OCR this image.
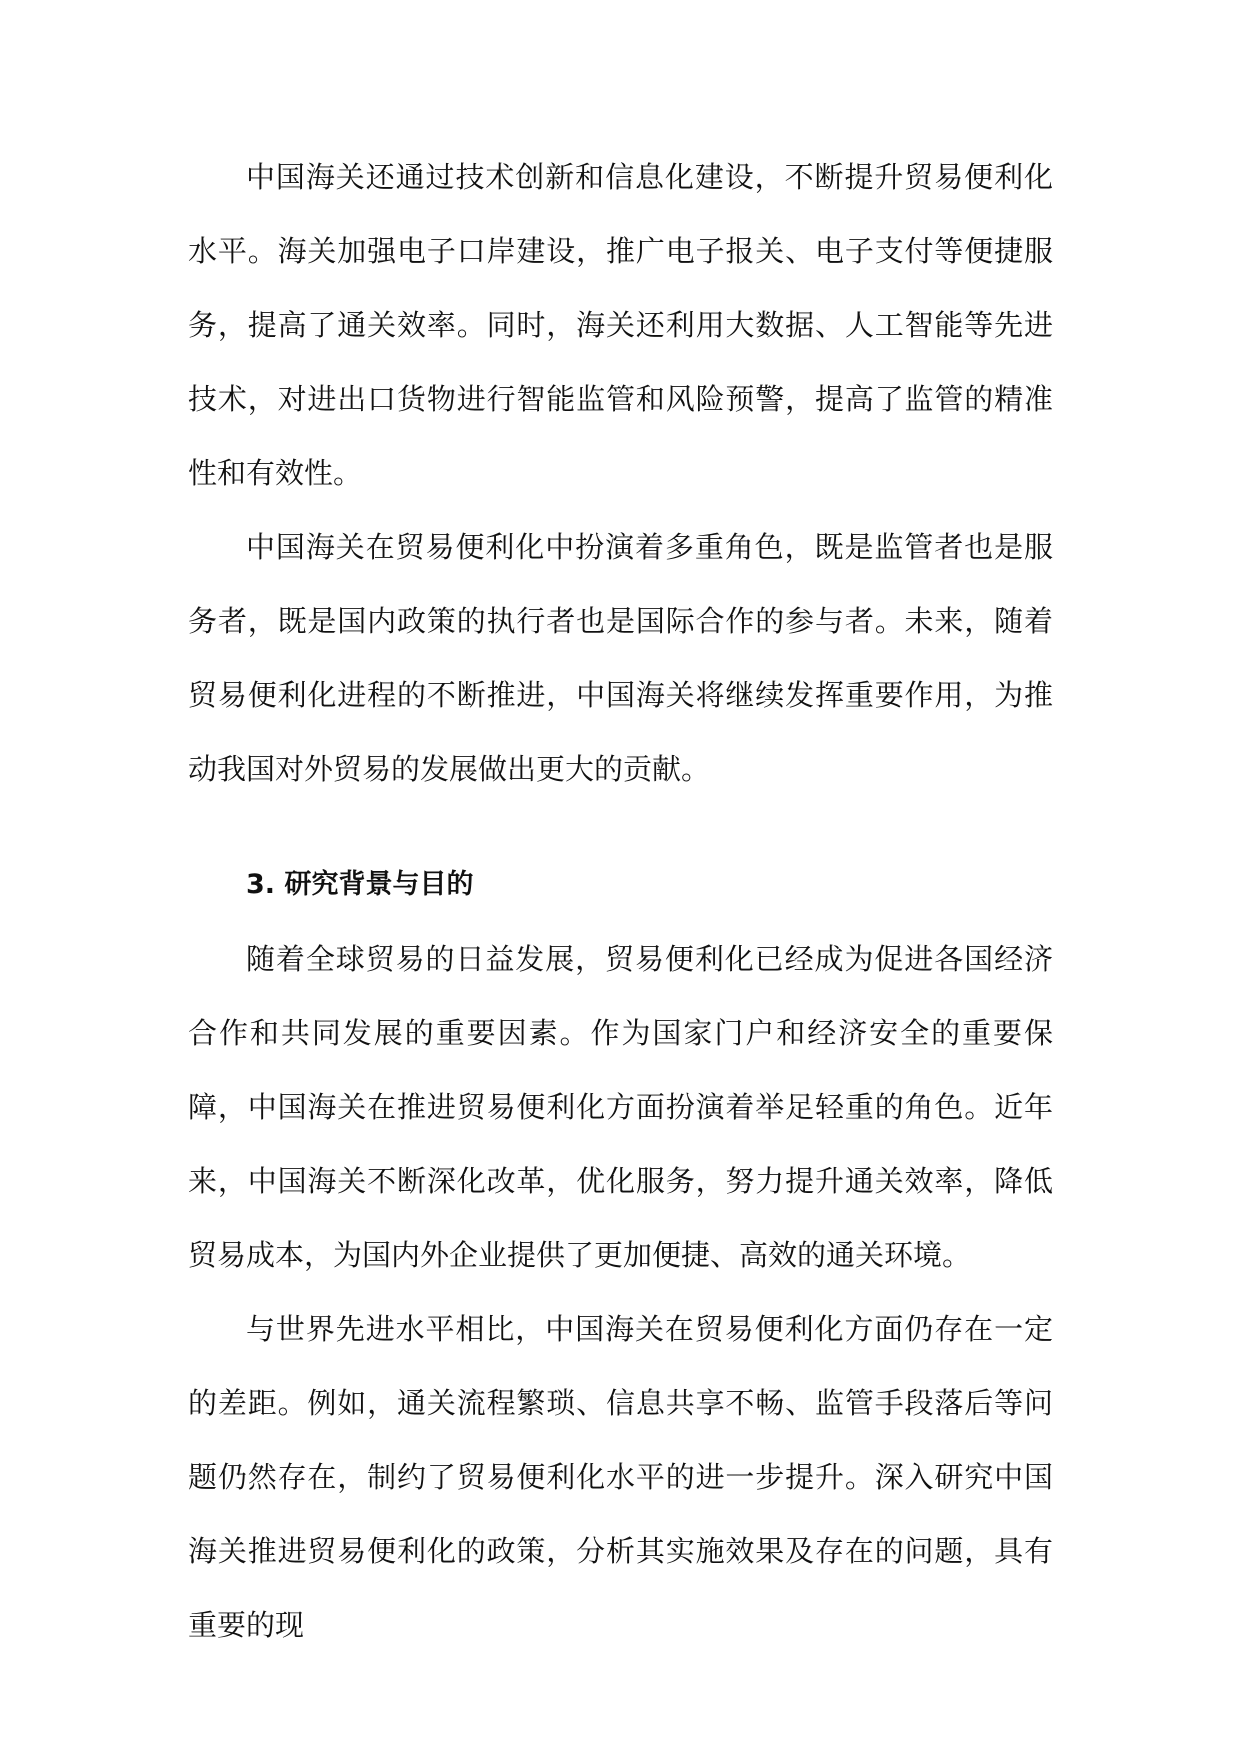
中国海关还通过技术创新和信息化建设，不断提升贸易便利化水平。海关加强电子口岸建设，推广电子报关、电子支付等便捷服务，提高了通关效率。同时，海关还利用大数据、人工智能等先进技术，对进出口货物进行智能监管和风险预警，提高了监管的精准性和有效性。

中国海关在贸易便利化中扮演着多重角色，既是监管者也是服务者，既是国内政策的执行者也是国际合作的参与者。未来，随着贸易便利化进程的不断推进，中国海关将继续发挥重要作用，为推动我国对外贸易的发展做出更大的贡献。

3. 研究背景与目的

随着全球贸易的日益发展，贸易便利化已经成为促进各国经济合作和共同发展的重要因素。作为国家门户和经济安全的重要保障，中国海关在推进贸易便利化方面扮演着举足轻重的角色。近年来，中国海关不断深化改革，优化服务，努力提升通关效率，降低贸易成本，为国内外企业提供了更加便捷、高效的通关环境。

与世界先进水平相比，中国海关在贸易便利化方面仍存在一定的差距。例如，通关流程繁琐、信息共享不畅、监管手段落后等问题仍然存在，制约了贸易便利化水平的进一步提升。深入研究中国海关推进贸易便利化的政策，分析其实施效果及存在的问题，具有重要的现
